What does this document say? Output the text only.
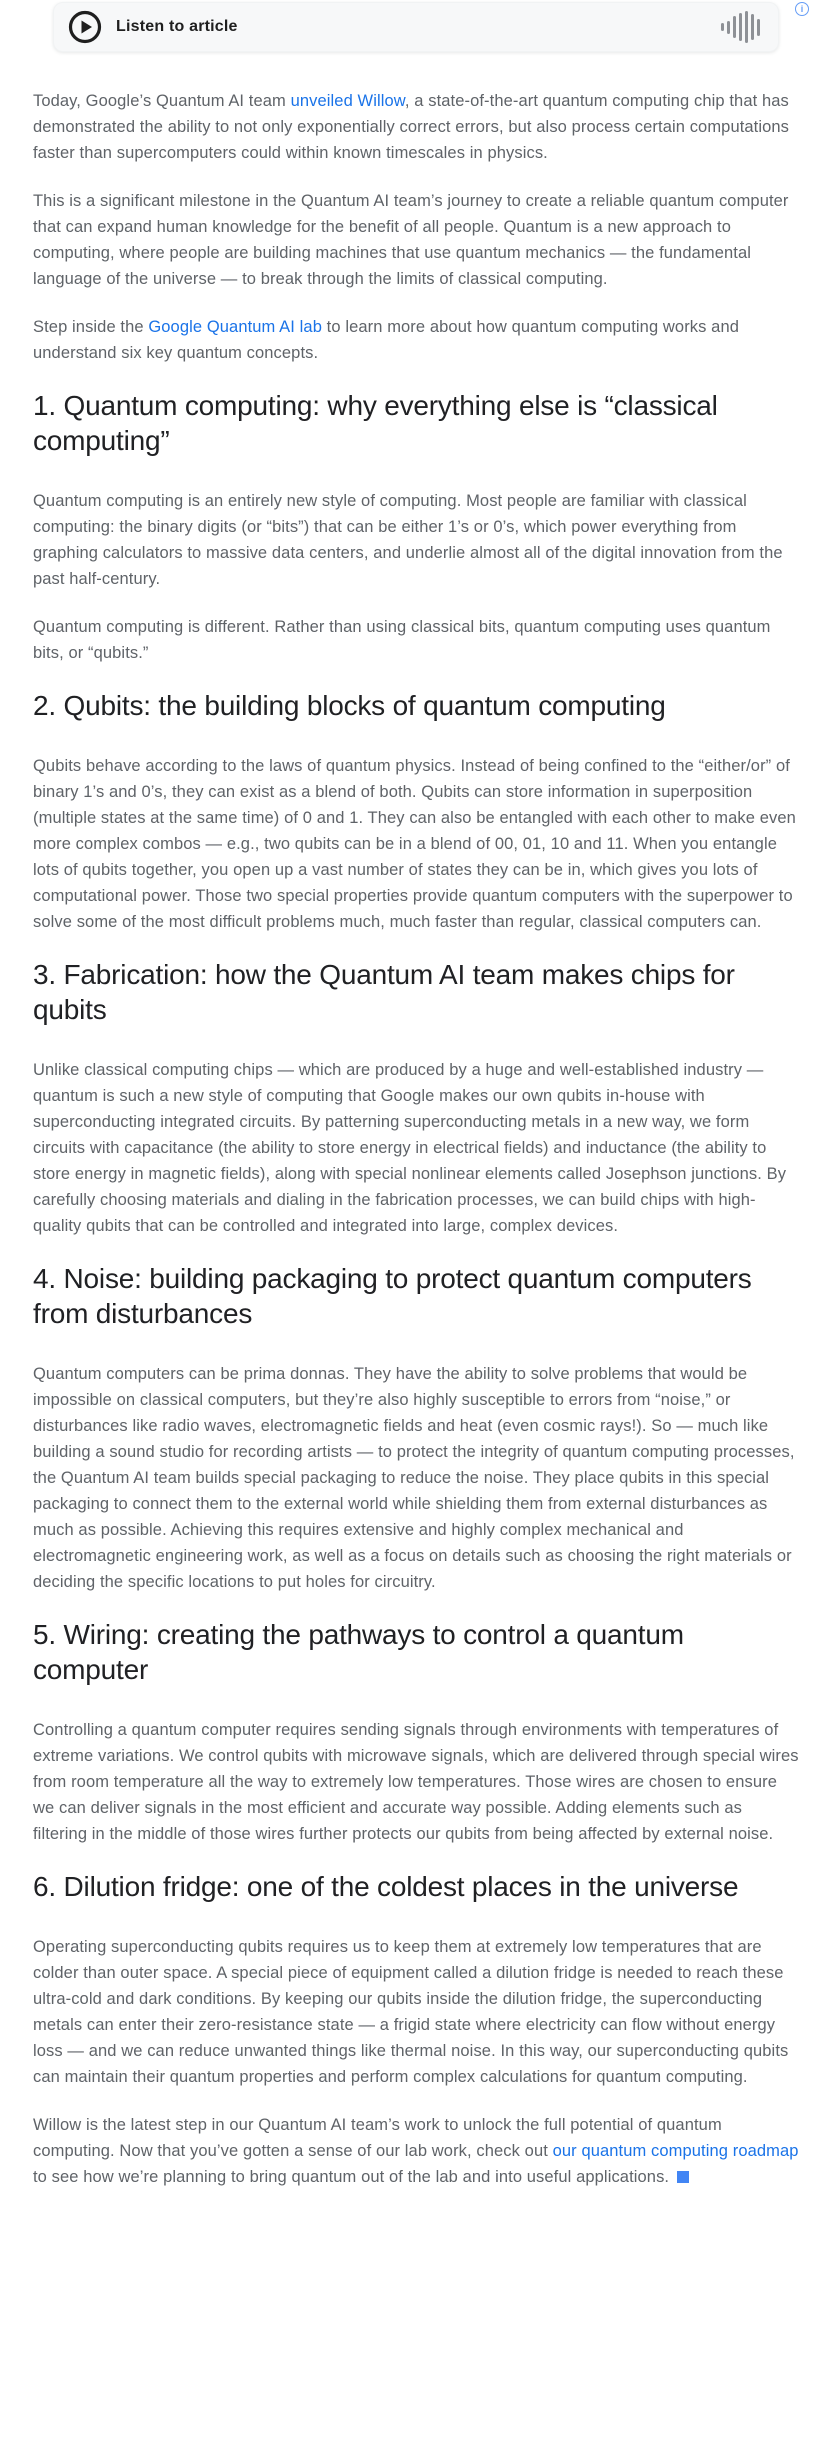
Listen to article
i

Today, Google’s Quantum AI team unveiled Willow, a state-of-the-art quantum computing chip that has demonstrated the ability to not only exponentially correct errors, but also process certain computations faster than supercomputers could within known timescales in physics.

This is a significant milestone in the Quantum AI team’s journey to create a reliable quantum computer that can expand human knowledge for the benefit of all people. Quantum is a new approach to computing, where people are building machines that use quantum mechanics — the fundamental language of the universe — to break through the limits of classical computing.

Step inside the Google Quantum AI lab to learn more about how quantum computing works and understand six key quantum concepts.

1. Quantum computing: why everything else is “classical computing”

Quantum computing is an entirely new style of computing. Most people are familiar with classical computing: the binary digits (or “bits”) that can be either 1’s or 0’s, which power everything from graphing calculators to massive data centers, and underlie almost all of the digital innovation from the past half-century.

Quantum computing is different. Rather than using classical bits, quantum computing uses quantum bits, or “qubits.”

2. Qubits: the building blocks of quantum computing

Qubits behave according to the laws of quantum physics. Instead of being confined to the “either/or” of binary 1’s and 0’s, they can exist as a blend of both. Qubits can store information in superposition (multiple states at the same time) of 0 and 1. They can also be entangled with each other to make even more complex combos — e.g., two qubits can be in a blend of 00, 01, 10 and 11. When you entangle lots of qubits together, you open up a vast number of states they can be in, which gives you lots of computational power. Those two special properties provide quantum computers with the superpower to solve some of the most difficult problems much, much faster than regular, classical computers can.

3. Fabrication: how the Quantum AI team makes chips for qubits

Unlike classical computing chips — which are produced by a huge and well-established industry — quantum is such a new style of computing that Google makes our own qubits in-house with superconducting integrated circuits. By patterning superconducting metals in a new way, we form circuits with capacitance (the ability to store energy in electrical fields) and inductance (the ability to store energy in magnetic fields), along with special nonlinear elements called Josephson junctions. By carefully choosing materials and dialing in the fabrication processes, we can build chips with high-quality qubits that can be controlled and integrated into large, complex devices.

4. Noise: building packaging to protect quantum computers from disturbances

Quantum computers can be prima donnas. They have the ability to solve problems that would be impossible on classical computers, but they’re also highly susceptible to errors from “noise,” or disturbances like radio waves, electromagnetic fields and heat (even cosmic rays!). So — much like building a sound studio for recording artists — to protect the integrity of quantum computing processes, the Quantum AI team builds special packaging to reduce the noise. They place qubits in this special packaging to connect them to the external world while shielding them from external disturbances as much as possible. Achieving this requires extensive and highly complex mechanical and electromagnetic engineering work, as well as a focus on details such as choosing the right materials or deciding the specific locations to put holes for circuitry.

5. Wiring: creating the pathways to control a quantum computer

Controlling a quantum computer requires sending signals through environments with temperatures of extreme variations. We control qubits with microwave signals, which are delivered through special wires from room temperature all the way to extremely low temperatures. Those wires are chosen to ensure we can deliver signals in the most efficient and accurate way possible. Adding elements such as filtering in the middle of those wires further protects our qubits from being affected by external noise.

6. Dilution fridge: one of the coldest places in the universe

Operating superconducting qubits requires us to keep them at extremely low temperatures that are colder than outer space. A special piece of equipment called a dilution fridge is needed to reach these ultra-cold and dark conditions. By keeping our qubits inside the dilution fridge, the superconducting metals can enter their zero-resistance state — a frigid state where electricity can flow without energy loss — and we can reduce unwanted things like thermal noise. In this way, our superconducting qubits can maintain their quantum properties and perform complex calculations for quantum computing.

Willow is the latest step in our Quantum AI team’s work to unlock the full potential of quantum computing. Now that you’ve gotten a sense of our lab work, check out our quantum computing roadmap to see how we’re planning to bring quantum out of the lab and into useful applications.
